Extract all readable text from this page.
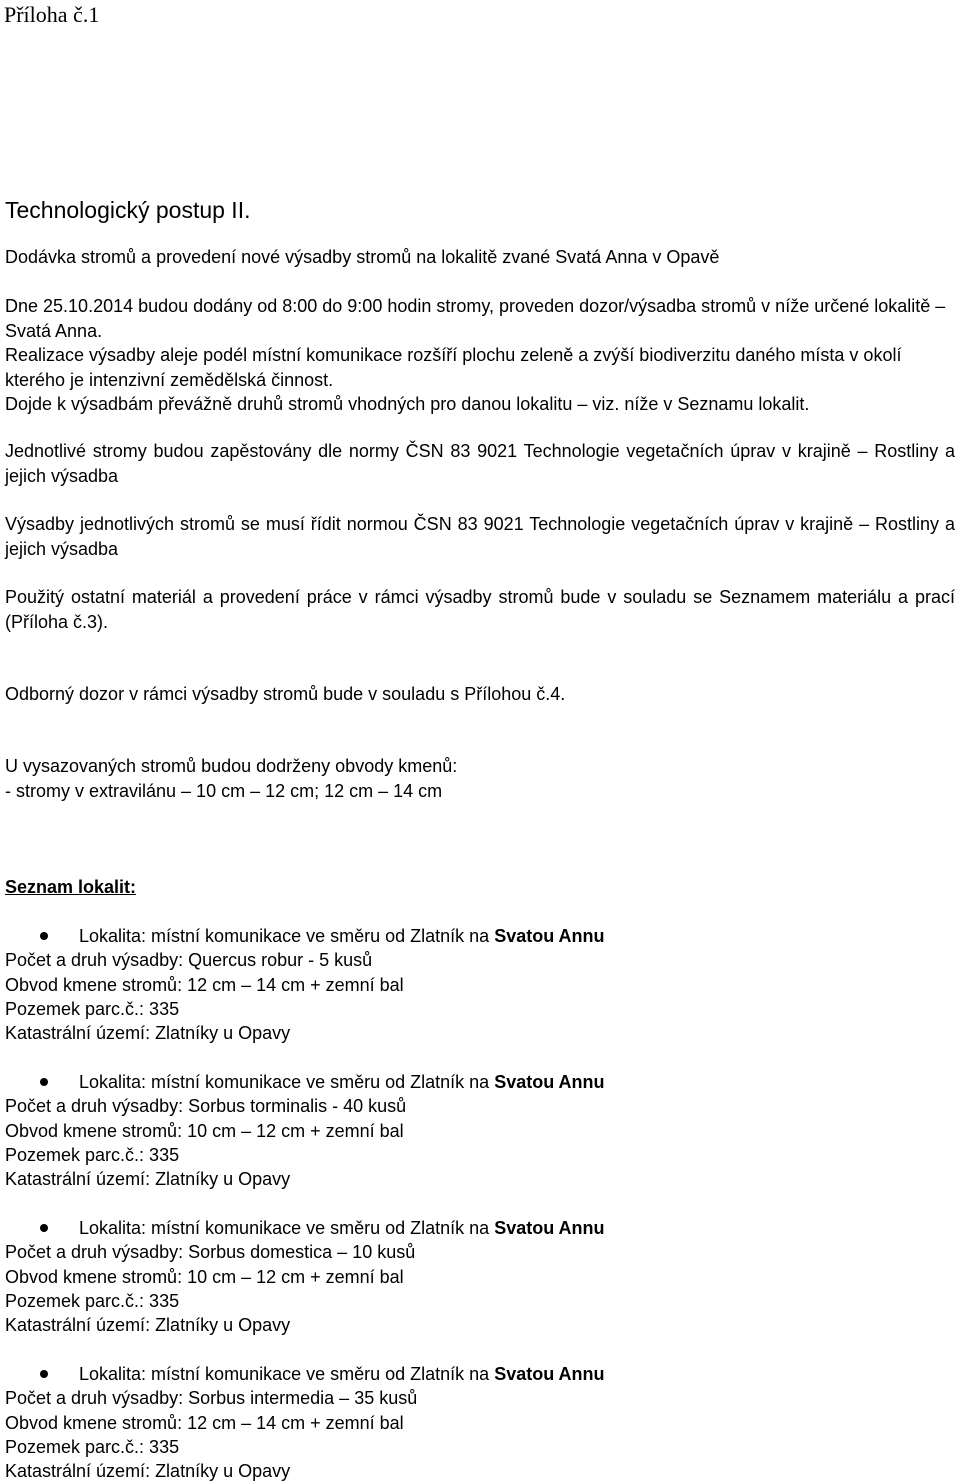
Příloha č.1
Technologický postup II.
Dodávka stromů a provedení nové výsadby stromů na lokalitě zvané Svatá Anna v Opavě

Dne 25.10.2014 budou dodány od 8:00 do 9:00 hodin stromy, proveden dozor/výsadba stromů v níže určené lokalitě – Svatá Anna.

Realizace výsadby aleje podél místní komunikace rozšíří plochu zeleně a zvýší biodiverzitu daného místa v okolí kterého je intenzivní zemědělská činnost.

Dojde k výsadbám převážně druhů stromů vhodných pro danou lokalitu – viz. níže v Seznamu lokalit.

Jednotlivé stromy budou zapěstovány dle normy ČSN 83 9021 Technologie vegetačních úprav v krajině – Rostliny a jejich výsadba

Výsadby jednotlivých stromů se musí řídit normou ČSN 83 9021 Technologie vegetačních úprav v krajině – Rostliny a jejich výsadba

Použitý ostatní materiál a provedení práce v rámci výsadby stromů bude v souladu se Seznamem materiálu a prací (Příloha č.3).

Odborný dozor v rámci výsadby stromů bude v souladu s Přílohou č.4.

U vysazovaných stromů budou dodrženy obvody kmenů:

- stromy v extravilánu – 10 cm – 12 cm; 12 cm – 14 cm

Seznam lokalit:

Lokalita: místní komunikace ve směru od Zlatník na Svatou Annu

Počet a druh výsadby: Quercus robur - 5 kusů

Obvod kmene stromů: 12 cm – 14 cm + zemní bal

Pozemek parc.č.: 335

Katastrální území: Zlatníky u Opavy

Lokalita: místní komunikace ve směru od Zlatník na Svatou Annu

Počet a druh výsadby: Sorbus torminalis - 40 kusů

Obvod kmene stromů: 10 cm – 12 cm + zemní bal

Pozemek parc.č.: 335

Katastrální území: Zlatníky u Opavy

Lokalita: místní komunikace ve směru od Zlatník na Svatou Annu

Počet a druh výsadby: Sorbus domestica – 10 kusů

Obvod kmene stromů: 10 cm – 12 cm + zemní bal

Pozemek parc.č.: 335

Katastrální území: Zlatníky u Opavy

Lokalita: místní komunikace ve směru od Zlatník na Svatou Annu

Počet a druh výsadby: Sorbus intermedia – 35 kusů

Obvod kmene stromů: 12 cm – 14 cm + zemní bal

Pozemek parc.č.: 335

Katastrální území: Zlatníky u Opavy
